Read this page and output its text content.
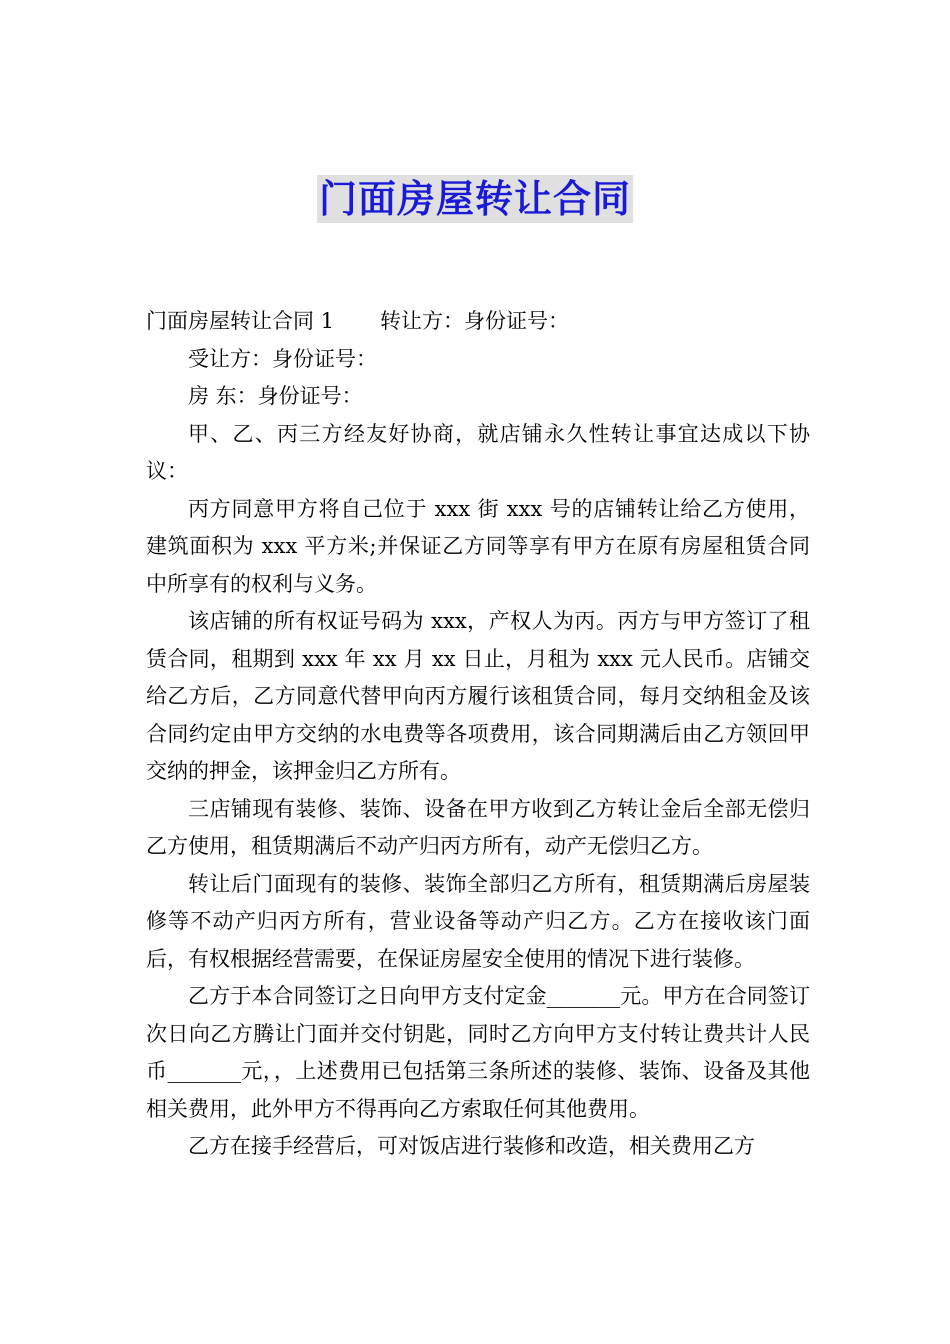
门面房屋转让合同

门面房屋转让合同 1 转让方：身份证号：

受让方：身份证号：

房 东：身份证号：

甲、乙、丙三方经友好协商，就店铺永久性转让事宜达成以下协议：

丙方同意甲方将自己位于 xxx 街 xxx 号的店铺转让给乙方使用，建筑面积为 xxx 平方米;并保证乙方同等享有甲方在原有房屋租赁合同中所享有的权利与义务。

该店铺的所有权证号码为 xxx，产权人为丙。丙方与甲方签订了租赁合同，租期到 xxx 年 xx 月 xx 日止，月租为 xxx 元人民币。店铺交给乙方后，乙方同意代替甲向丙方履行该租赁合同，每月交纳租金及该合同约定由甲方交纳的水电费等各项费用，该合同期满后由乙方领回甲交纳的押金，该押金归乙方所有。

三店铺现有装修、装饰、设备在甲方收到乙方转让金后全部无偿归乙方使用，租赁期满后不动产归丙方所有，动产无偿归乙方。

转让后门面现有的装修、装饰全部归乙方所有，租赁期满后房屋装修等不动产归丙方所有，营业设备等动产归乙方。乙方在接收该门面后，有权根据经营需要，在保证房屋安全使用的情况下进行装修。

乙方于本合同签订之日向甲方支付定金_______元。甲方在合同签订次日向乙方腾让门面并交付钥匙，同时乙方向甲方支付转让费共计人民币_______元，，上述费用已包括第三条所述的装修、装饰、设备及其他相关费用，此外甲方不得再向乙方索取任何其他费用。

乙方在接手经营后，可对饭店进行装修和改造，相关费用乙方
